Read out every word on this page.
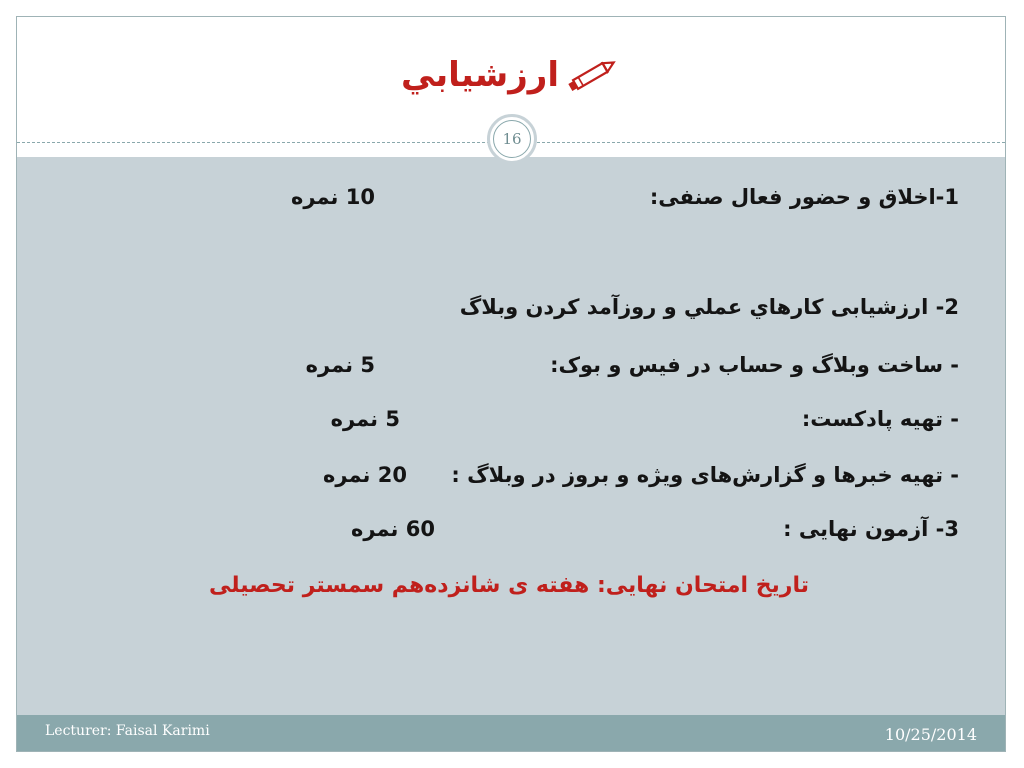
ارزشيابي
16
1-اخلاق و حضور فعال صنفی:
10 نمره
2- ارزشیابی کارهاي عملي و روزآمد کردن وبلاگ
- ساخت وبلاگ و حساب در فیس و بوک:
5 نمره
- تهیه پادکست:
5 نمره
- تهیه خبرها و گزارش‌های ویژه و بروز در وبلاگ :
20 نمره
3- آزمون نهایی :
60 نمره
تاریخ امتحان نهایی: هفته ی شانزده‌هم سمستر تحصیلی
Lecturer: Faisal Karimi	10/25/2014
